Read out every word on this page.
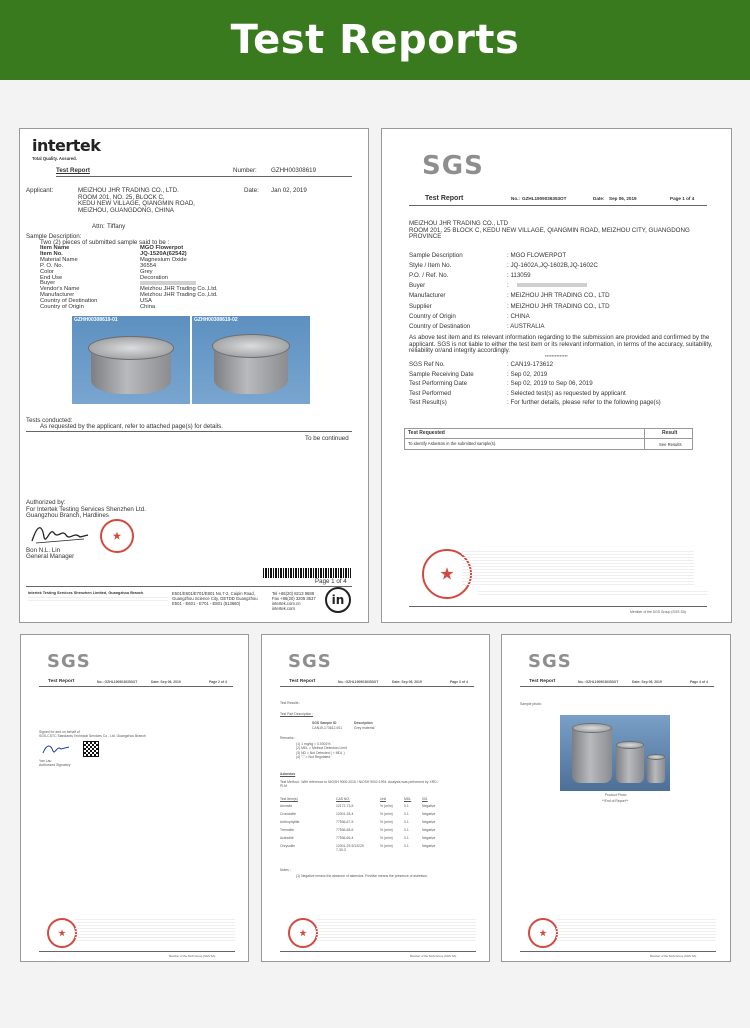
Test Reports
intertek
Total Quality. Assured.
Test Report	Number: GZHH00308619
Applicant:	MEIZHOU JHR TRADING CO., LTD.
ROOM 201, NO. 25, BLOCK C,
KEDU NEW VILLAGE, QIANGMIN ROAD,
MEIZHOU, GUANGDONG, CHINA
Date: Jan 02, 2019
Attn: Tiffany
Sample Description:
Two (2) pieces of submitted sample said to be :
Item Name	MGO Flowerpot
Item No.	JQ-1520A(62542)
Material Name	Magnesium Oxide
P. O. No.	36554
Color	Grey
End Use	Decoration
Buyer
Vendor's Name	Meizhou JHR Trading Co.,Ltd.
Manufacturer	Meizhou JHR Trading Co.,Ltd.
Country of Destination	USA
Country of Origin	China
GZHH00308619-01	GZHH00308619-02
Tests conducted:
As requested by the applicant, refer to attached page(s) for details.
To be continued
Authorized by:
For Intertek Testing Services Shenzhen Ltd.
Guangzhou Branch, Hardlines
Bon N.L. Lin
General Manager
Page 1 of 4
Intertek Testing Services Shenzhen Limited, Guangzhou Branch	E501/E601/E701/E801 No.7-2, Caipin Road,
Guangzhou Science City, GETDD Guangzhou
E501 - E601 - E701 - E801 (513660)
Tel +86(20) 8213 9688
Fax +86(20) 3205 3537
intertek.com.cn
intertek.com
in
SGS
Test Report	No.: GZHL1909036353OT	Date: Sep 06, 2019	Page 1 of 4
MEIZHOU JHR TRADING CO., LTD
ROOM 201, 25 BLOCK C, KEDU NEW VILLAGE, QIANGMIN ROAD, MEIZHOU CITY, GUANGDONG
PROVINCE
Sample Description	: MGO FLOWERPOT
Style / Item No.	: JQ-1602A,JQ-1602B,JQ-1602C
P.O. / Ref. No.	: 113059
Buyer	:
Manufacturer	: MEIZHOU JHR TRADING CO., LTD
Supplier	: MEIZHOU JHR TRADING CO., LTD
Country of Origin	: CHINA
Country of Destination	: AUSTRALIA
As above test item and its relevant information regarding to the submission are provided and confirmed by the
applicant. SGS is not liable to either the test item or its relevant information, in terms of the accuracy, suitability,
reliability or/and integrity accordingly.
**************
SGS Ref No.	: CAN19-173612
Sample Receiving Date	: Sep 02, 2019
Test Performing Date	: Sep 02, 2019 to Sep 06, 2019
Test Performed	: Selected test(s) as requested by applicant
Test Result(s)	: For further details, please refer to the following page(s)
Test Requested	Result
To identify Asbestos in the submitted sample(s).	See Results
Member of the SGS Group (SGS SA)
SGS
Test Report	No.: GZHL1909036353OT	Date: Sep 06, 2019	Page 2 of 4
Signed for and on behalf of
SGS-CSTC Standards Technical Services Co., Ltd. Guangzhou Branch
Yan Lau
Authorized Signatory
Member of the SGS Group (SGS SA)
SGS
Test Report	No.: GZHL1909036353OT	Date: Sep 06, 2019	Page 3 of 4
Test Results :
Test Part Description :
SGS Sample ID	Description
CAN19-173612.001	Grey material
Remarks :
(1) 1 mg/kg = 0.0001%
(2) MDL = Method Detection Limit
(3) ND = Not Detected ( < MDL )
(4) "-" = Not Regulated
Asbestos
Test Method : With reference to NIOSH 9000:2015 / NIOSH 9002:1994. Analysis was performed by XRD /
PLM
Test Item(s)	CAS NO.	Unit	MDL	001
Amosite	12172-73-5	% (m/m)	0.1	Negative
Crocidolite	12001-28-4	% (m/m)	0.1	Negative
Anthophyllite	77536-67-5	% (m/m)	0.1	Negative
Tremolite	77536-68-6	% (m/m)	0.1	Negative
Actinolite	77536-66-4	% (m/m)	0.1	Negative
Chrysotile	12001-29-5/13229
7-30-3
% (m/m)	0.1	Negative
Notes :
(1) Negative means the absence of asbestos. Positive means the presence of asbestos.
Member of the SGS Group (SGS SA)
SGS
Test Report	No.: GZHL1909036353OT	Date: Sep 06, 2019	Page 4 of 4
Sample photo:
Product Photo
**End of Report**
Member of the SGS Group (SGS SA)
